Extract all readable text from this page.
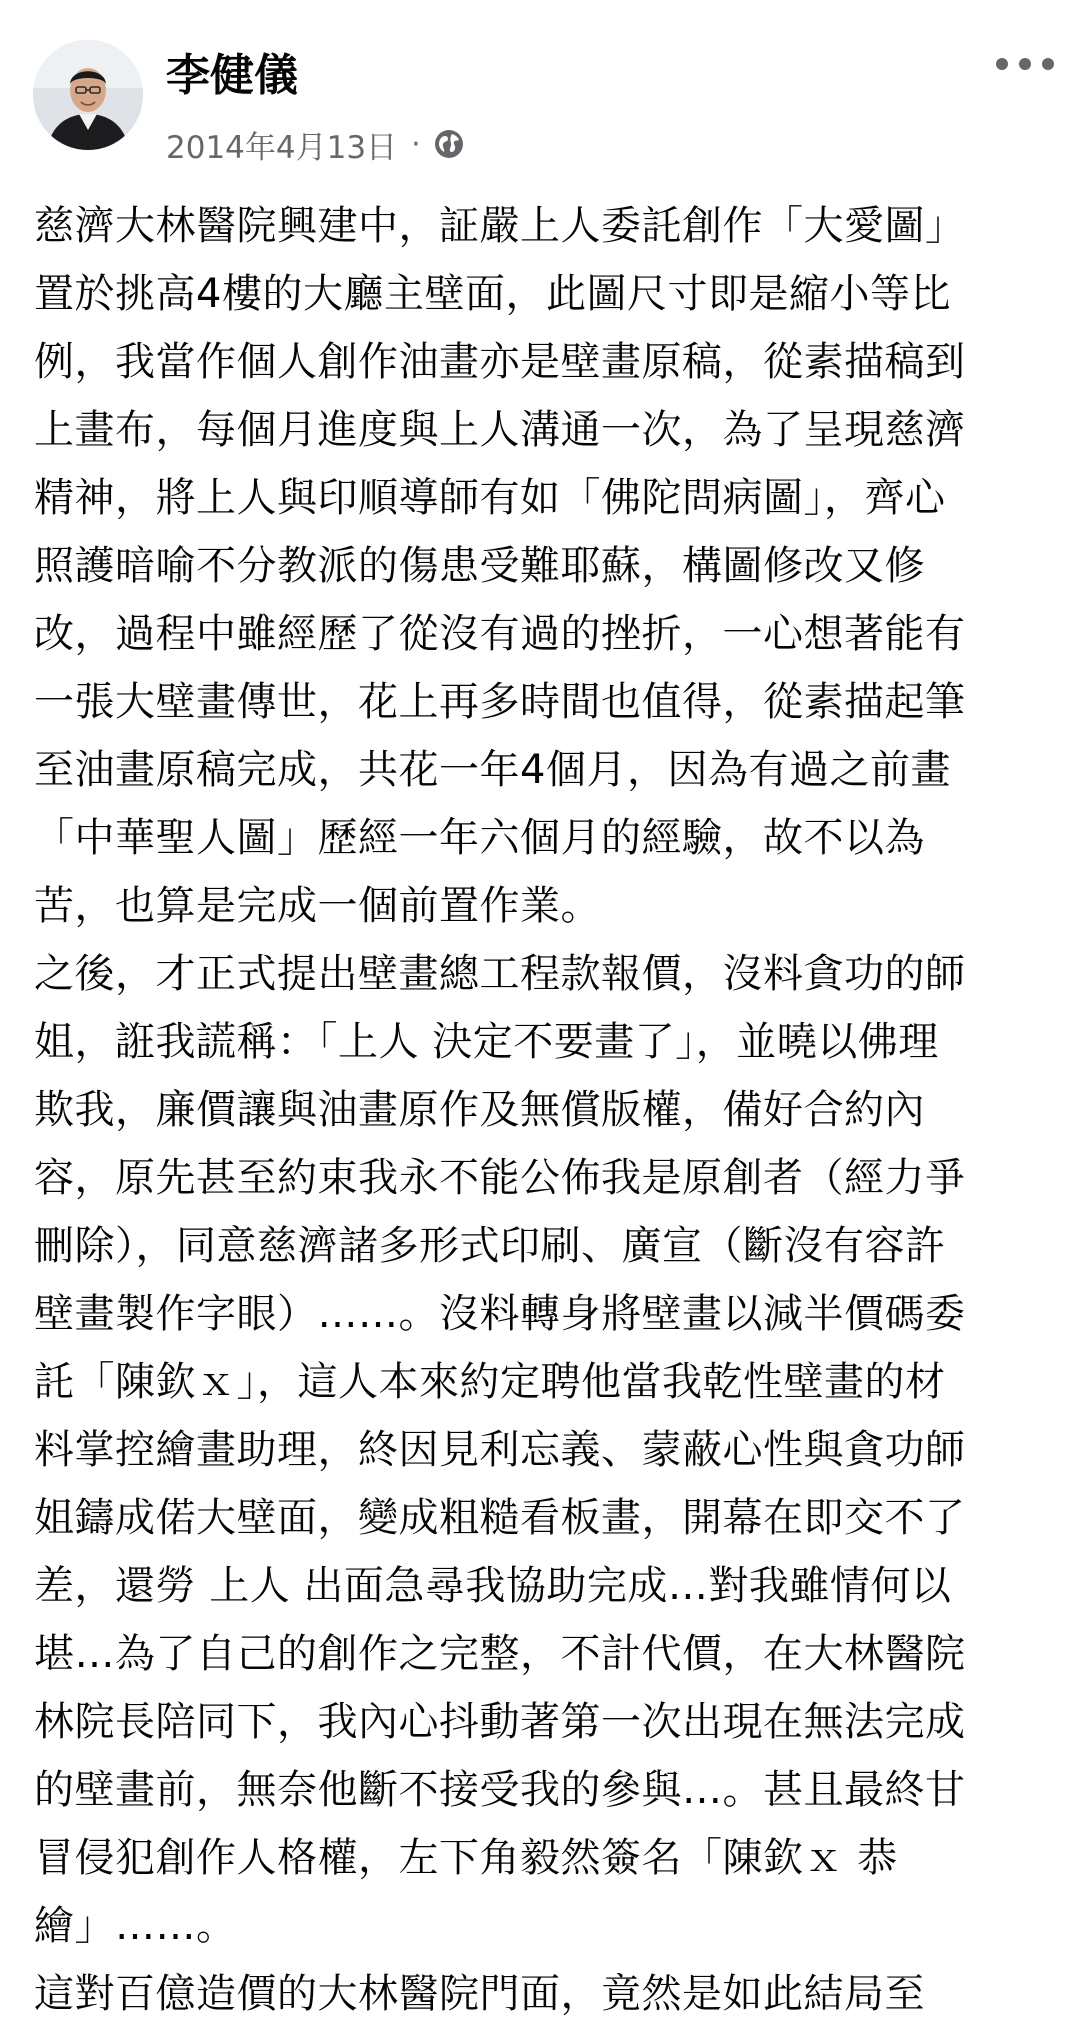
李健儀
2014年4月13日 ·
慈濟大林醫院興建中，証嚴上人委託創作「大愛圖」
置於挑高4樓的大廳主壁面，此圖尺寸即是縮小等比
例，我當作個人創作油畫亦是壁畫原稿，從素描稿到
上畫布，每個月進度與上人溝通一次，為了呈現慈濟
精神，將上人與印順導師有如「佛陀問病圖」，齊心
照護暗喻不分教派的傷患受難耶蘇，構圖修改又修
改，過程中雖經歷了從沒有過的挫折，一心想著能有
一張大壁畫傳世，花上再多時間也值得，從素描起筆
至油畫原稿完成，共花一年4個月，因為有過之前畫
「中華聖人圖」歷經一年六個月的經驗，故不以為
苦，也算是完成一個前置作業。
之後，才正式提出壁畫總工程款報價，沒料貪功的師
姐，誑我謊稱：「上人 決定不要畫了」，並曉以佛理
欺我，廉價讓與油畫原作及無償版權，備好合約內
容，原先甚至約束我永不能公佈我是原創者（經力爭
刪除），同意慈濟諸多形式印刷、廣宣（斷沒有容許
壁畫製作字眼）……。沒料轉身將壁畫以減半價碼委
託「陳欽ｘ」，這人本來約定聘他當我乾性壁畫的材
料掌控繪畫助理，終因見利忘義、蒙蔽心性與貪功師
姐鑄成偌大壁面，變成粗糙看板畫，開幕在即交不了
差，還勞 上人 出面急尋我協助完成…對我雖情何以
堪…為了自己的創作之完整，不計代價，在大林醫院
林院長陪同下，我內心抖動著第一次出現在無法完成
的壁畫前，無奈他斷不接受我的參與…。甚且最終甘
冒侵犯創作人格權，左下角毅然簽名「陳欽ｘ 恭
繪」……。
這對百億造價的大林醫院門面，竟然是如此結局至
